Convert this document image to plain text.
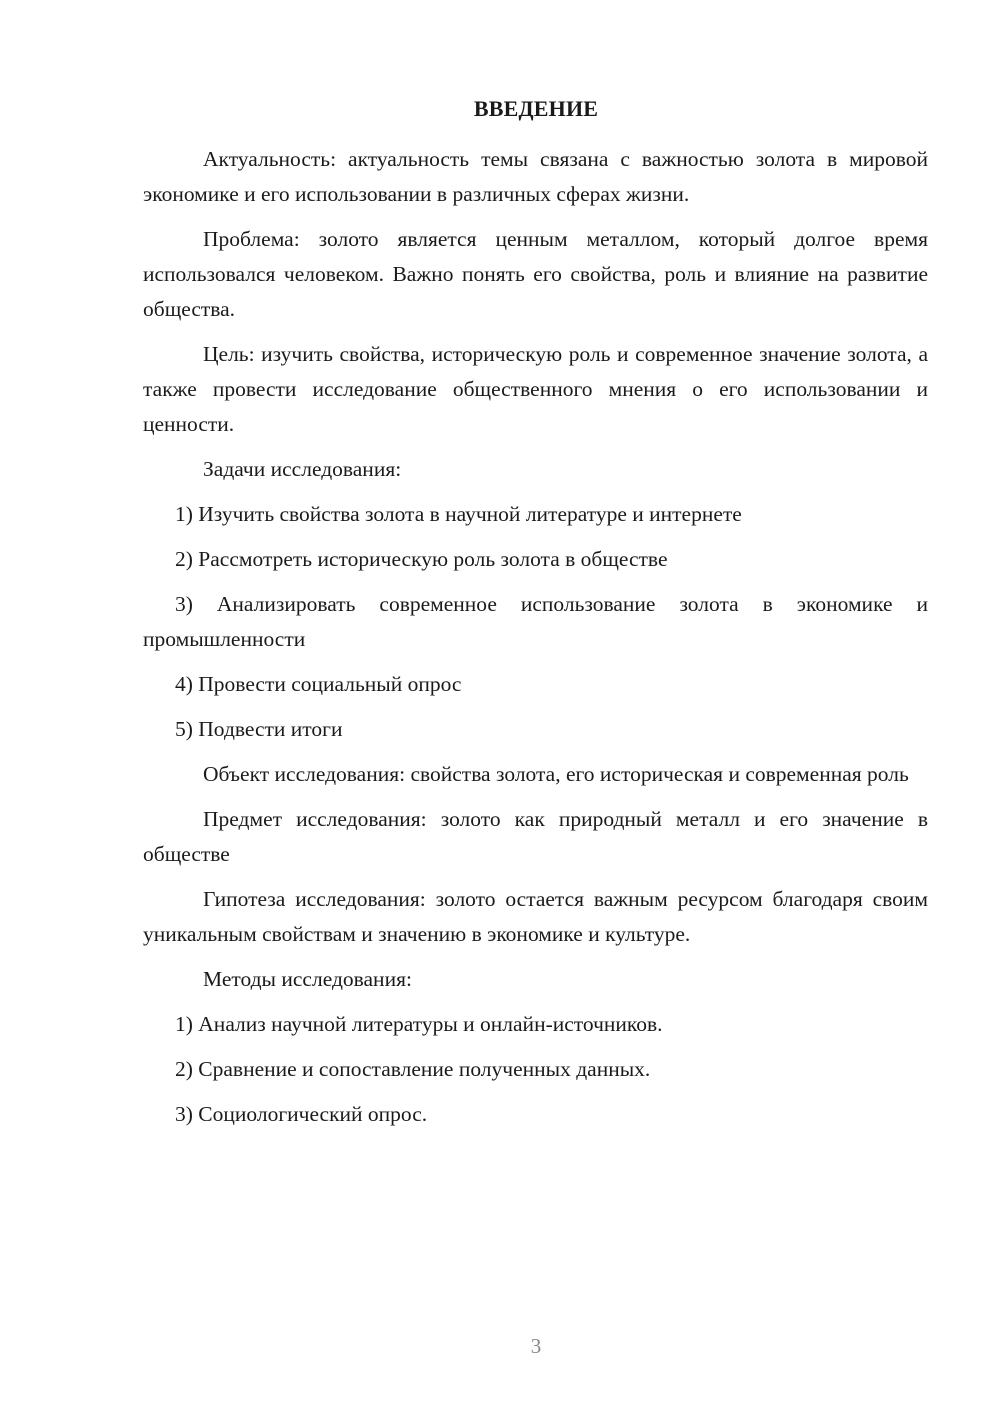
ВВЕДЕНИЕ

Актуальность: актуальность темы связана с важностью золота в мировой экономике и его использовании в различных сферах жизни.

Проблема: золото является ценным металлом, который долгое время использовался человеком. Важно понять его свойства, роль и влияние на развитие общества.

Цель: изучить свойства, историческую роль и современное значение золота, а также провести исследование общественного мнения о его использовании и ценности.

Задачи исследования:

1) Изучить свойства золота в научной литературе и интернете

2) Рассмотреть историческую роль золота в обществе

3) Анализировать современное использование золота в экономике и промышленности

4) Провести социальный опрос

5) Подвести итоги

Объект исследования: свойства золота, его историческая и современная роль

Предмет исследования: золото как природный металл и его значение в обществе

Гипотеза исследования: золото остается важным ресурсом благодаря своим уникальным свойствам и значению в экономике и культуре.

Методы исследования:

1) Анализ научной литературы и онлайн-источников.

2) Сравнение и сопоставление полученных данных.

3) Социологический опрос.

3
